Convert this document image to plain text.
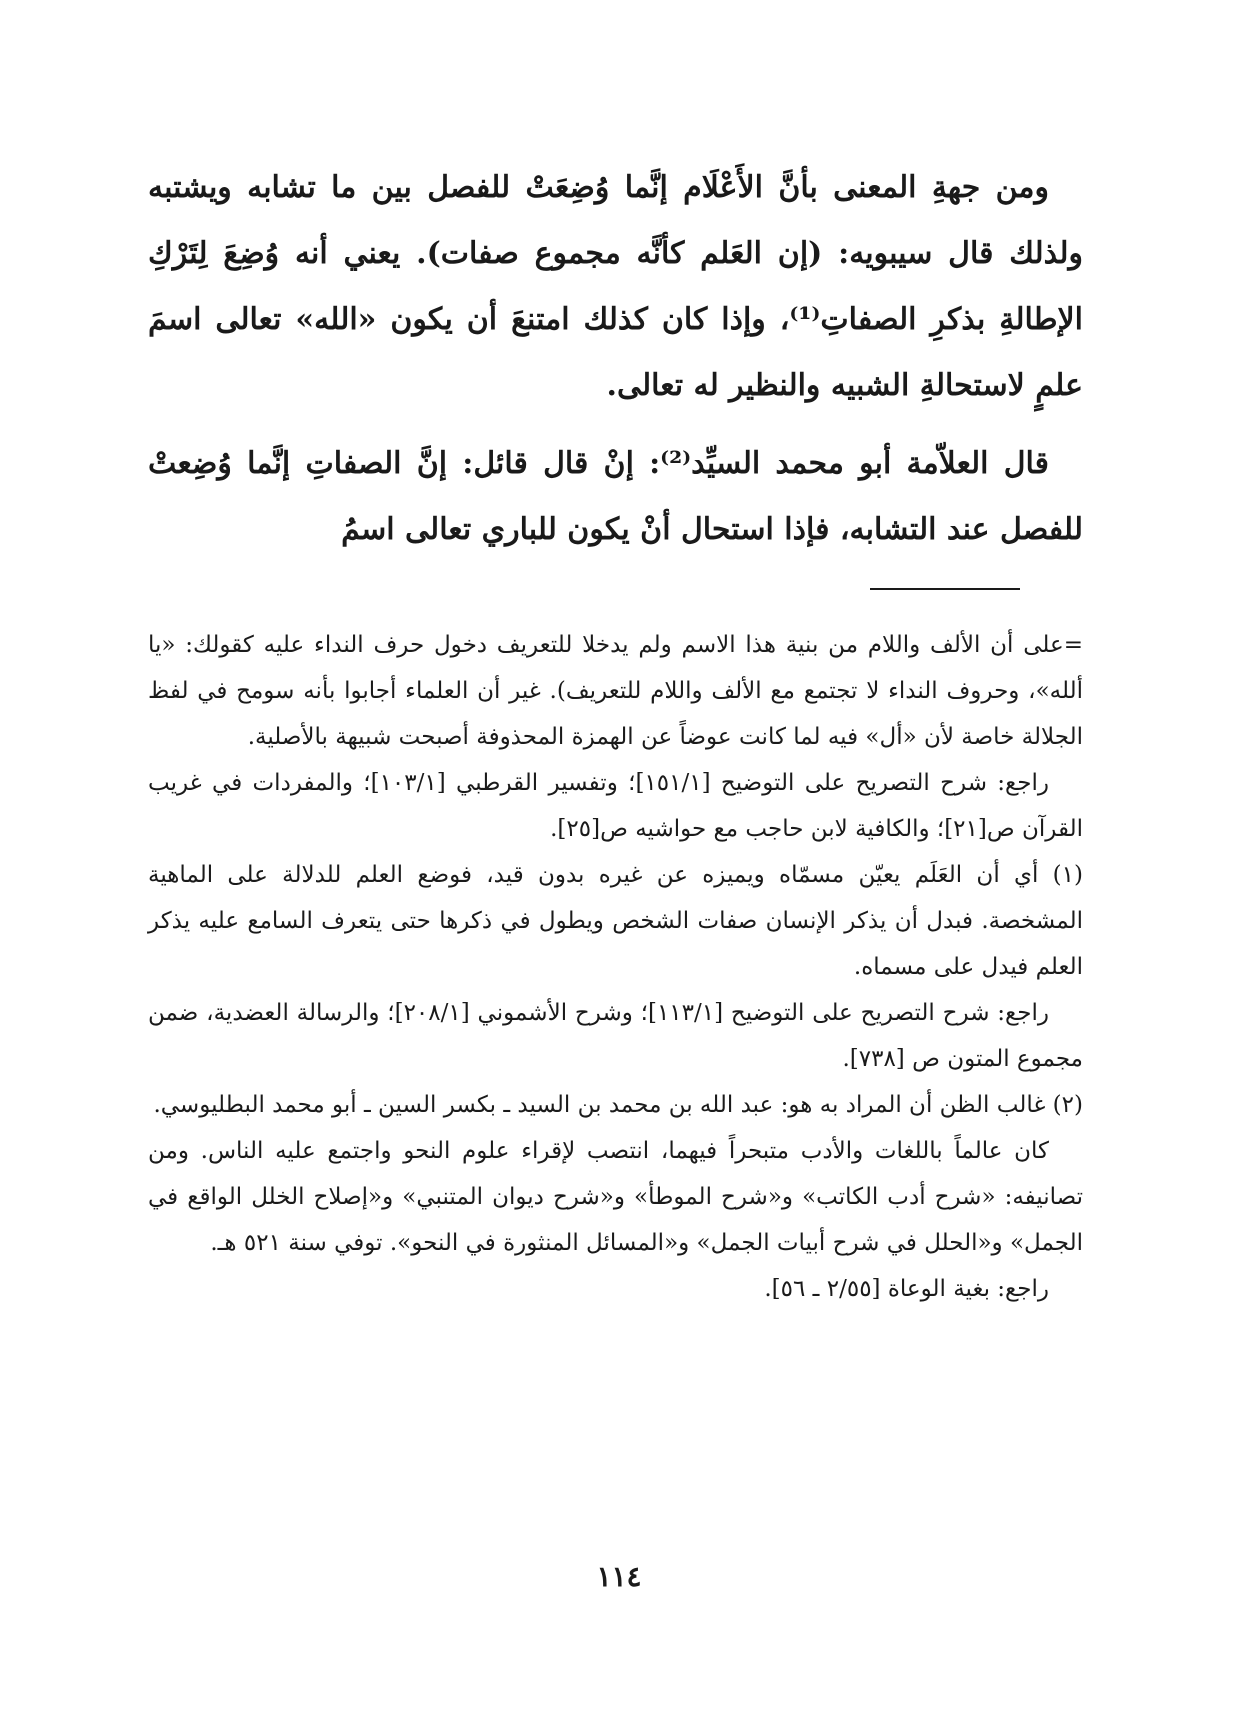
ومن جهةِ المعنى بأنَّ الأَعْلَام إنَّما وُضِعَتْ للفصل بين ما تشابه ويشتبه ولذلك قال سيبويه: (إن العَلم كأنَّه مجموع صفات). يعني أنه وُضِعَ لِتَرْكِ الإطالةِ بذكرِ الصفاتِ⁽¹⁾، وإذا كان كذلك امتنعَ أن يكون «الله» تعالى اسمَ علمٍ لاستحالةِ الشبيه والنظير له تعالى.

قال العلاّمة أبو محمد السيِّد⁽²⁾: إنْ قال قائل: إنَّ الصفاتِ إنَّما وُضِعتْ للفصل عند التشابه، فإذا استحال أنْ يكون للباري تعالى اسمُ

=على أن الألف واللام من بنية هذا الاسم ولم يدخلا للتعريف دخول حرف النداء عليه كقولك: «يا ألله»، وحروف النداء لا تجتمع مع الألف واللام للتعريف). غير أن العلماء أجابوا بأنه سومح في لفظ الجلالة خاصة لأن «أل» فيه لما كانت عوضاً عن الهمزة المحذوفة أصبحت شبيهة بالأصلية.

راجع: شرح التصريح على التوضيح [١٥١/١]؛ وتفسير القرطبي [١٠٣/١]؛ والمفردات في غريب القرآن ص[٢١]؛ والكافية لابن حاجب مع حواشيه ص[٢٥].

(١) أي أن العَلَم يعيّن مسمّاه ويميزه عن غيره بدون قيد، فوضع العلم للدلالة على الماهية المشخصة. فبدل أن يذكر الإنسان صفات الشخص ويطول في ذكرها حتى يتعرف السامع عليه يذكر العلم فيدل على مسماه.

راجع: شرح التصريح على التوضيح [١١٣/١]؛ وشرح الأشموني [٢٠٨/١]؛ والرسالة العضدية، ضمن مجموع المتون ص [٧٣٨].

(٢) غالب الظن أن المراد به هو: عبد الله بن محمد بن السيد ـ بكسر السين ـ أبو محمد البطليوسي.

كان عالماً باللغات والأدب متبحراً فيهما، انتصب لإقراء علوم النحو واجتمع عليه الناس. ومن تصانيفه: «شرح أدب الكاتب» و«شرح الموطأ» و«شرح ديوان المتنبي» و«إصلاح الخلل الواقع في الجمل» و«الحلل في شرح أبيات الجمل» و«المسائل المنثورة في النحو». توفي سنة ٥٢١ هـ.

راجع: بغية الوعاة [٢/٥٥ ـ ٥٦].

١١٤
